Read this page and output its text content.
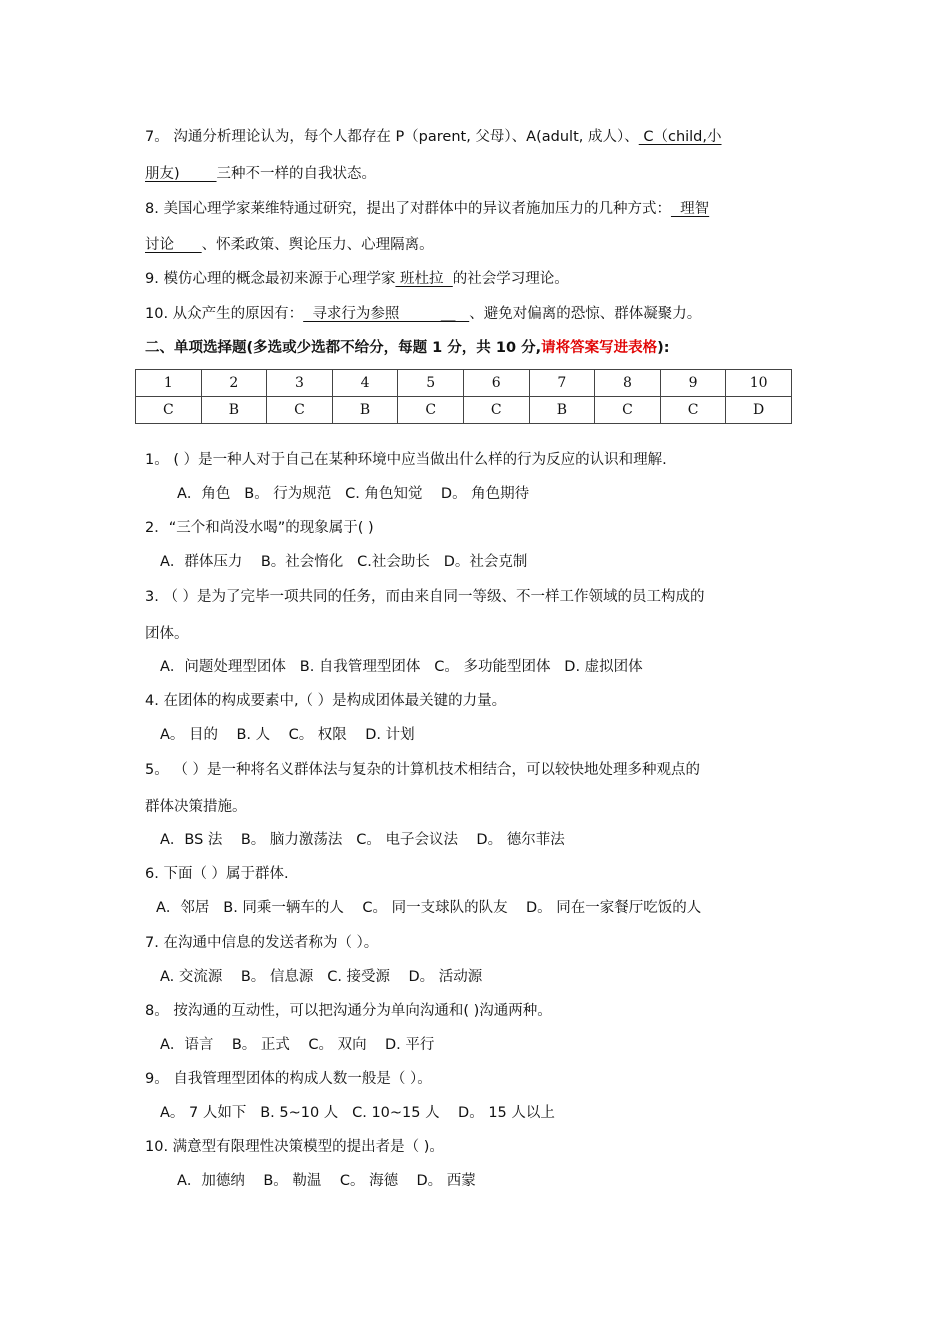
7。 沟通分析理论认为，每个人都存在 P（parent, 父母）、A(adult, 成人）、 C（child,小
朋友)        三种不一样的自我状态。
8. 美国心理学家莱维特通过研究，提出了对群体中的异议者施加压力的几种方式：  理智
讨论      、怀柔政策、舆论压力、心理隔离。
9. 模仿心理的概念最初来源于心理学家 班杜拉  的社会学习理论。
10. 从众产生的原因有：  寻求行为参照         __   、避免对偏离的恐惊、群体凝聚力。
二、单项选择题(多选或少选都不给分，每题 1 分，共 10 分,请将答案写进表格):
1	2	3	4	5	6	7	8	9	10
C	B	C	B	C	C	B	C	C	D
1。 ( ）是一种人对于自己在某种环境中应当做出什么样的行为反应的认识和理解.
A．角色   B。 行为规范   C. 角色知觉    D。 角色期待
2．“三个和尚没水喝”的现象属于( )
A．群体压力    B。社会惰化   C.社会助长   D。社会克制
3. （ ）是为了完毕一项共同的任务，而由来自同一等级、不一样工作领域的员工构成的
团体。
A．问题处理型团体   B. 自我管理型团体   C。 多功能型团体   D. 虚拟团体
4. 在团体的构成要素中,（ ）是构成团体最关键的力量。
A。 目的    B. 人    C。 权限    D. 计划
5。 （ ）是一种将名义群体法与复杂的计算机技术相结合，可以较快地处理多种观点的
群体决策措施。
A．BS 法    B。 脑力激荡法   C。 电子会议法    D。 德尔菲法
6. 下面（ ）属于群体.
A．邻居   B. 同乘一辆车的人    C。 同一支球队的队友    D。 同在一家餐厅吃饭的人
7. 在沟通中信息的发送者称为（ ）。
A. 交流源    B。 信息源   C. 接受源    D。 活动源
8。 按沟通的互动性，可以把沟通分为单向沟通和( )沟通两种。
A．语言    B。 正式    C。 双向    D. 平行
9。 自我管理型团体的构成人数一般是（ ）。
A。 7 人如下   B. 5~10 人   C. 10~15 人    D。 15 人以上
10. 满意型有限理性决策模型的提出者是（ )。
A．加德纳    B。 勒温    C。 海德    D。 西蒙
